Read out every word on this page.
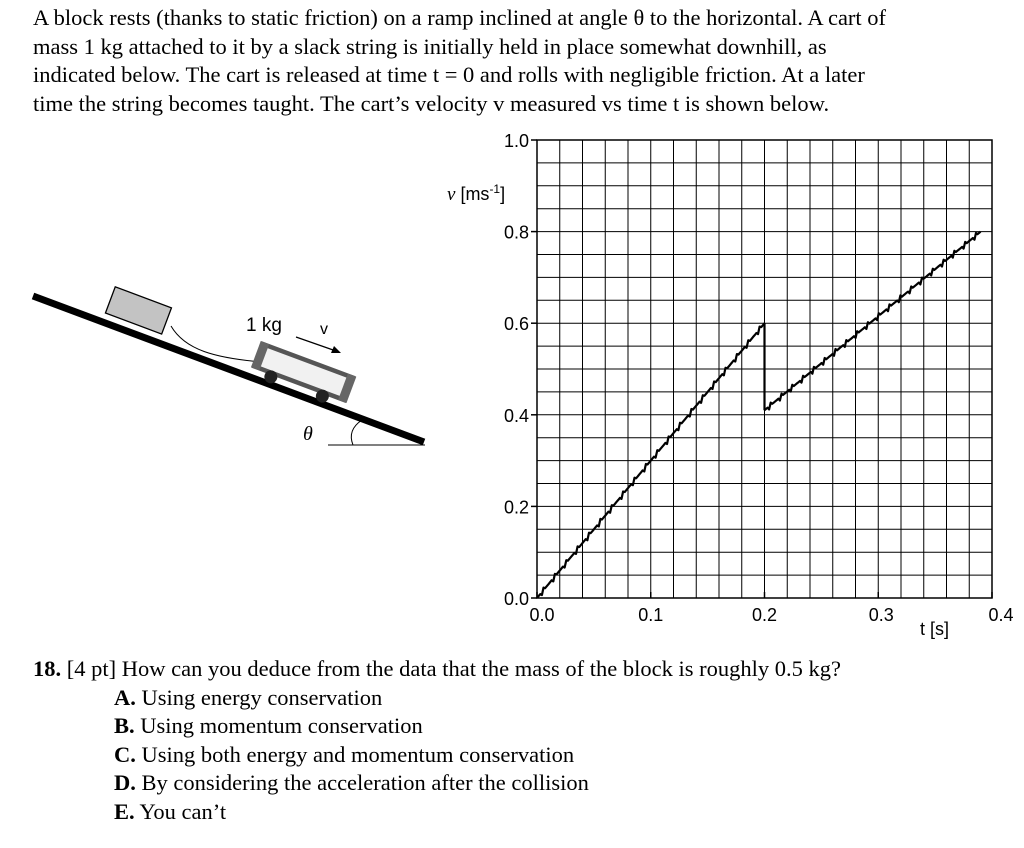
A block rests (thanks to static friction) on a ramp inclined at angle θ to the horizontal. A cart of
mass 1 kg attached to it by a slack string is initially held in place somewhat downhill, as
indicated below. The cart is released at time t = 0 and rolls with negligible friction. At a later
time the string becomes taught. The cart’s velocity v measured vs time t is shown below.

θ
1 kg v
0.0
0.2
0.4
0.6
0.8
1.0
0.0	0.1	0.2	0.3	0.4
v $[ms^{-1}]$
t [s]
18. [4 pt] How can you deduce from the data that the mass of the block is roughly 0.5 kg?
A. Using energy conservation
B. Using momentum conservation
C. Using both energy and momentum conservation
D. By considering the acceleration after the collision
E. You can’t
